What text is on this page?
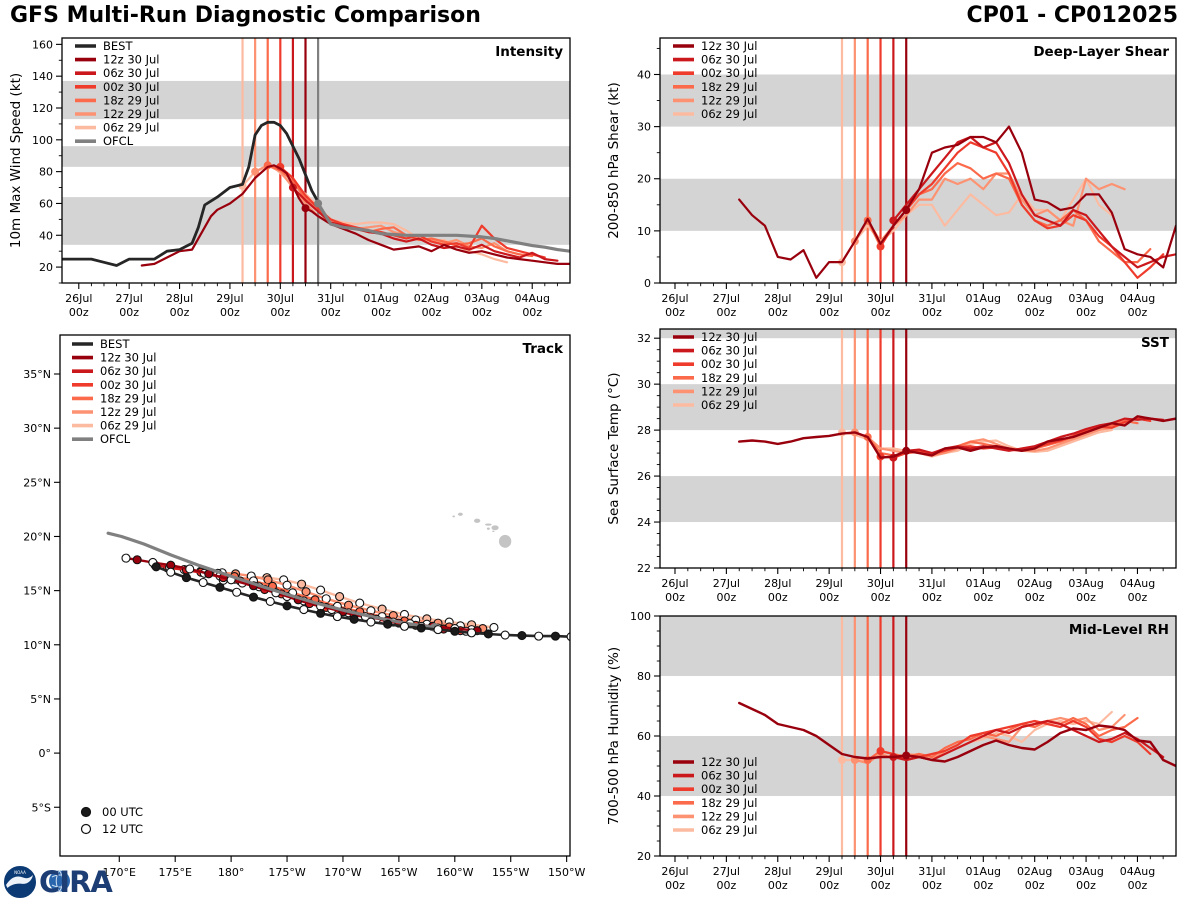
GFS Multi-Run Diagnostic Comparison	CP01 - CP012025
26Jul
00z
27Jul
00z
28Jul
00z
29Jul
00z
30Jul
00z
31Jul
00z
01Aug
00z
02Aug
00z
03Aug
00z
04Aug
00z
20
40
60
80
100
120
140
160
10m Max Wind Speed (kt)
Intensity
BEST
12z 30 Jul
06z 30 Jul
00z 30 Jul
18z 29 Jul
12z 29 Jul
06z 29 Jul
OFCL
26Jul
00z
27Jul
00z
28Jul
00z
29Jul
00z
30Jul
00z
31Jul
00z
01Aug
00z
02Aug
00z
03Aug
00z
04Aug
00z
0
10
20
30
40
200-850 hPa Shear (kt)
Deep-Layer Shear
12z 30 Jul
06z 30 Jul
00z 30 Jul
18z 29 Jul
12z 29 Jul
06z 29 Jul
170°E 175°E 180° 175°W 170°W 165°W 160°W 155°W 150°W
35°N
30°N
25°N
20°N
15°N
10°N
5°N
0°
5°S
Track
BEST
12z 30 Jul
06z 30 Jul
00z 30 Jul
18z 29 Jul
12z 29 Jul
06z 29 Jul
OFCL
00 UTC
12 UTC
26Jul
00z
27Jul
00z
28Jul
00z
29Jul
00z
30Jul
00z
31Jul
00z
01Aug
00z
02Aug
00z
03Aug
00z
04Aug
00z
22
24
26
28
30
32
Sea Surface Temp (°C)
SST
12z 30 Jul
06z 30 Jul
00z 30 Jul
18z 29 Jul
12z 29 Jul
06z 29 Jul
26Jul
00z
27Jul
00z
28Jul
00z
29Jul
00z
30Jul
00z
31Jul
00z
01Aug
00z
02Aug
00z
03Aug
00z
04Aug
00z
20
40
60
80
100
700-500 hPa Humidity (%)
Mid-Level RH
12z 30 Jul
06z 30 Jul
00z 30 Jul
18z 29 Jul
12z 29 Jul
06z 29 Jul
NOAA CIRA
